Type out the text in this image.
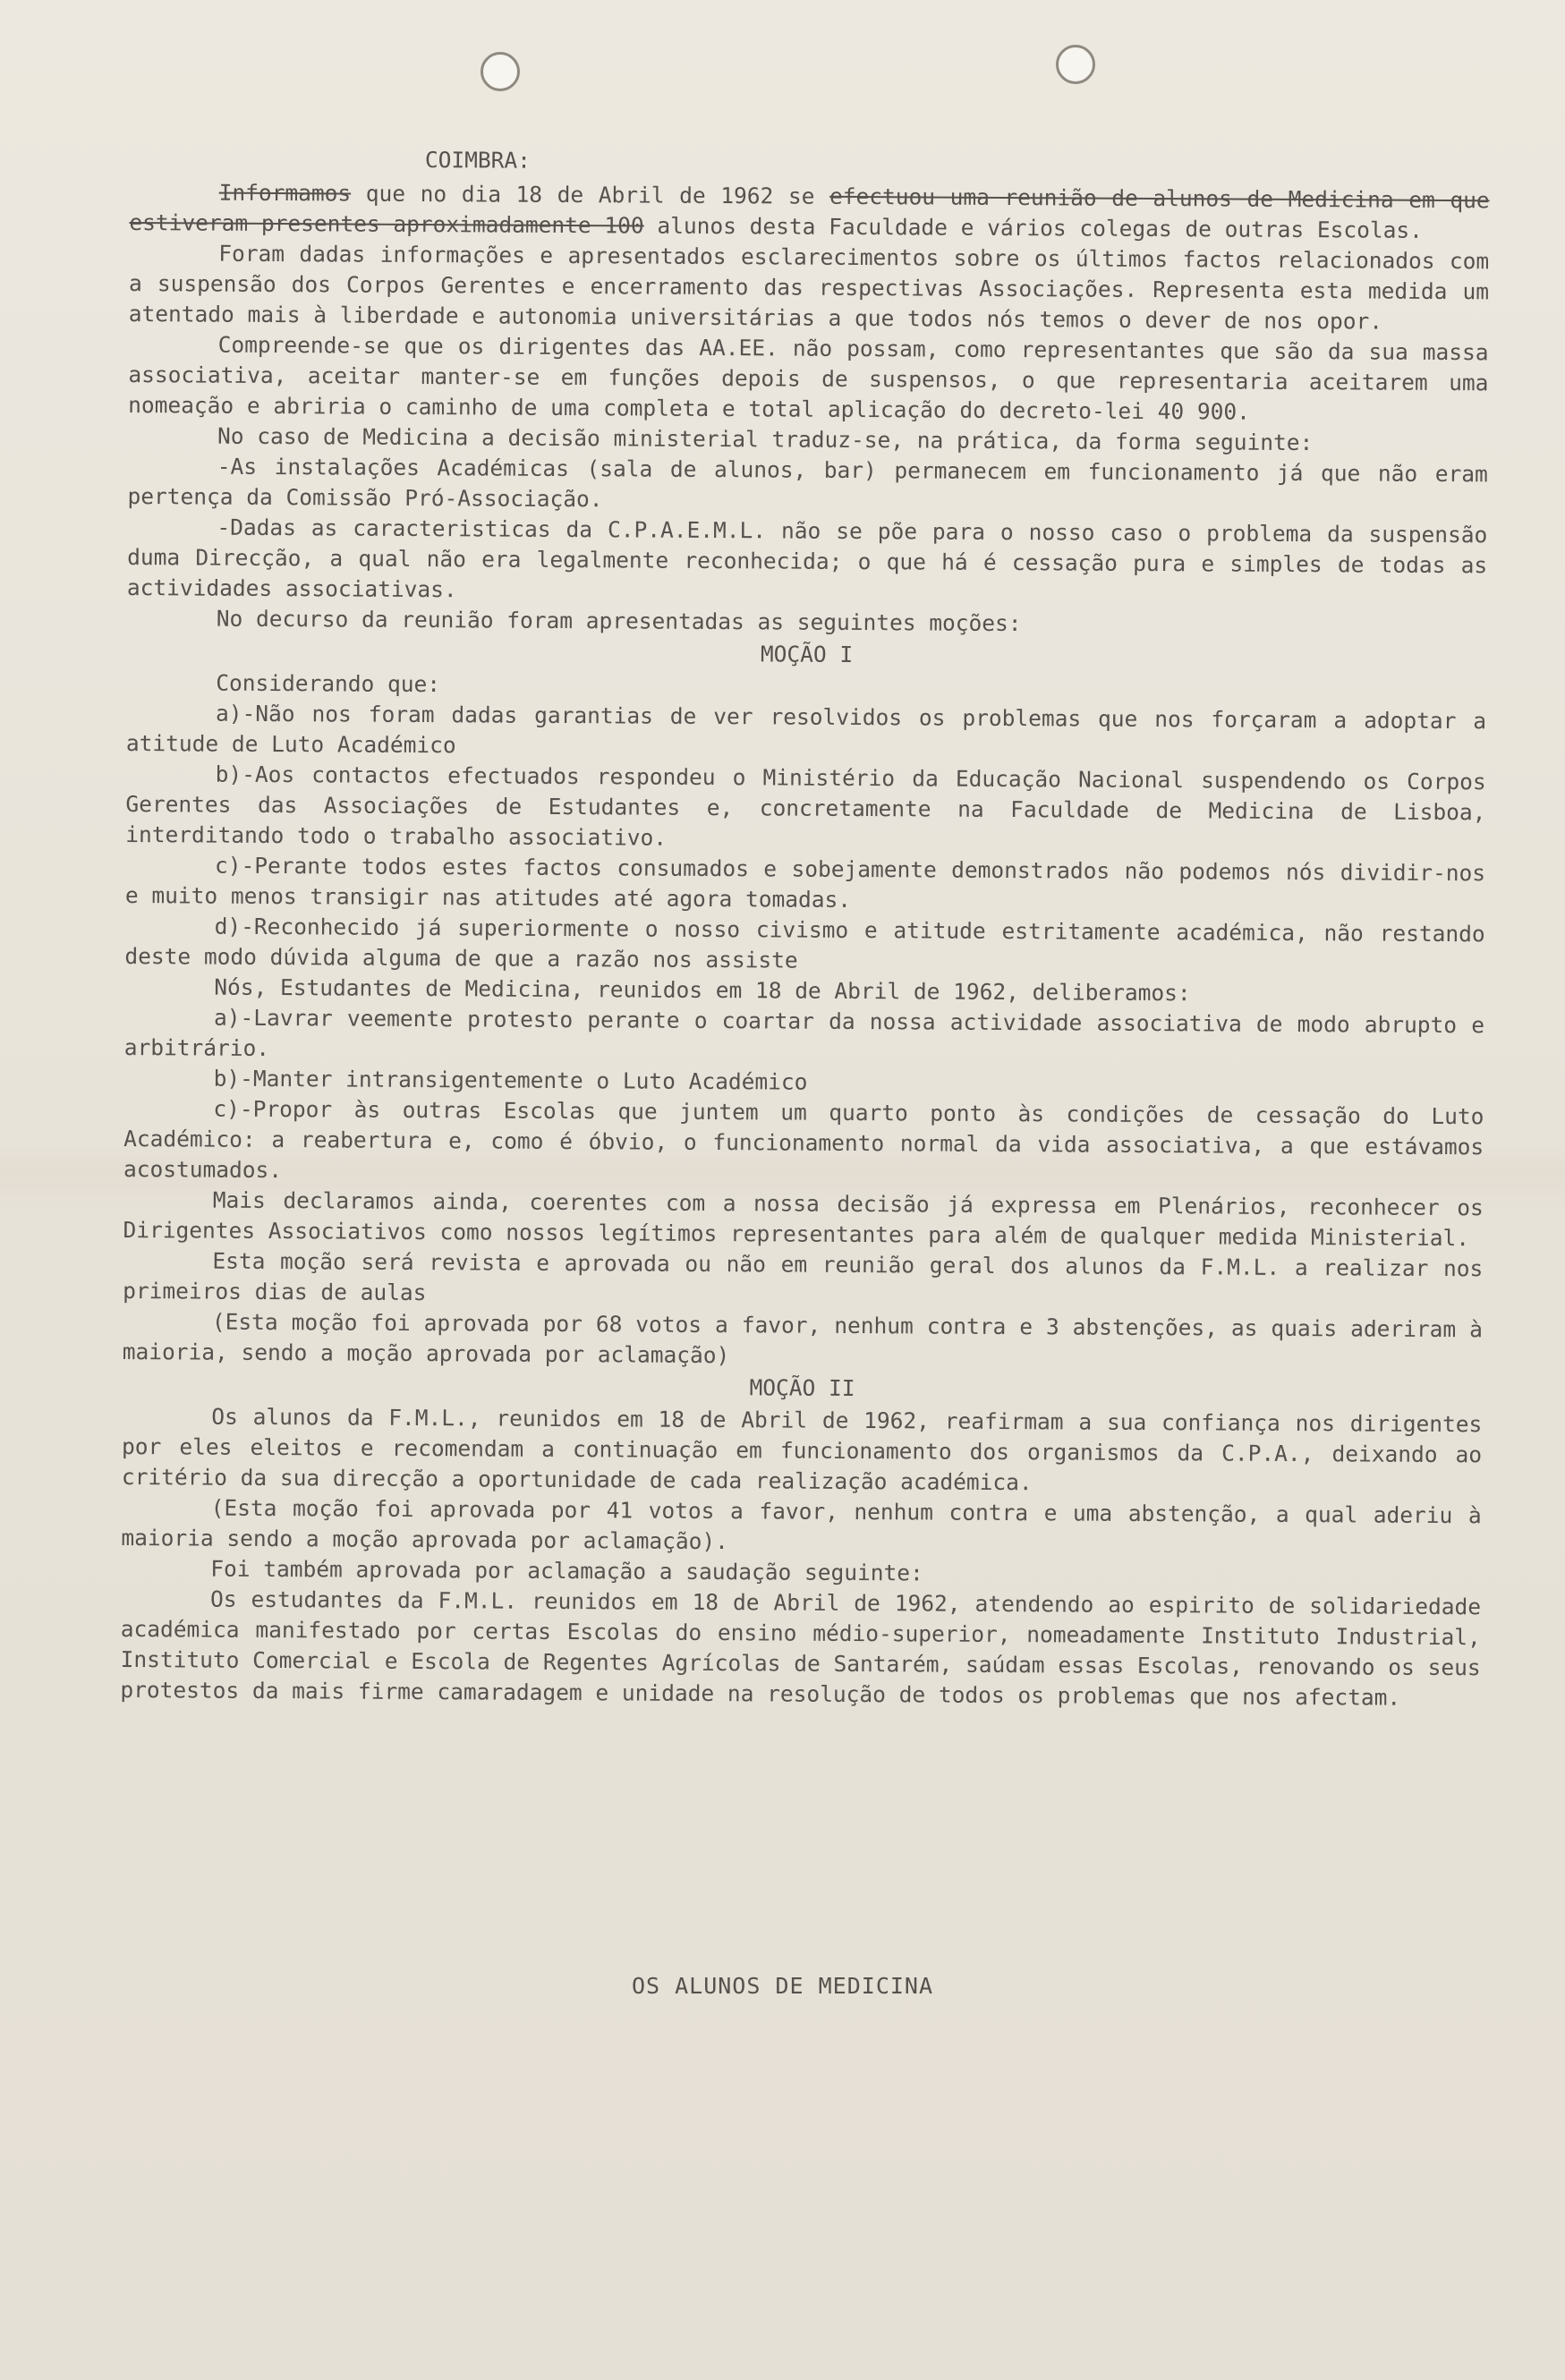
COIMBRA:

Informamos que no dia 18 de Abril de 1962 se efectuou uma reunião de alunos de Medicina em que estiveram presentes aproximadamente 100 alunos desta Faculdade e vários colegas de outras Escolas.

Foram dadas informações e apresentados esclarecimentos sobre os últimos factos relacionados com a suspensão dos Corpos Gerentes e encerramento das respectivas Associações. Representa esta medida um atentado mais à liberdade e autonomia universitárias a que todos nós temos o dever de nos opor.

Compreende-se que os dirigentes das AA.EE. não possam, como representantes que são da sua massa associativa, aceitar manter-se em funções depois de suspensos, o que representaria aceitarem uma nomeação e abriria o caminho de uma completa e total aplicação do decreto-lei 40 900.

No caso de Medicina a decisão ministerial traduz-se, na prática, da forma seguinte:

-As instalações Académicas (sala de alunos, bar) permanecem em funcionamento já que não eram pertença da Comissão Pró-Associação.

-Dadas as caracteristicas da C.P.A.E.M.L. não se põe para o nosso caso o problema da suspensão duma Direcção, a qual não era legalmente reconhecida; o que há é cessação pura e simples de todas as actividades associativas.

No decurso da reunião foram apresentadas as seguintes moções:

MOÇÃO I

Considerando que:

a)-Não nos foram dadas garantias de ver resolvidos os problemas que nos forçaram a adoptar a atitude de Luto Académico

b)-Aos contactos efectuados respondeu o Ministério da Educação Nacional suspendendo os Corpos Gerentes das Associações de Estudantes e, concretamente na Faculdade de Medicina de Lisboa, interditando todo o trabalho associativo.

c)-Perante todos estes factos consumados e sobejamente demonstrados não podemos nós dividir-nos e muito menos transigir nas atitudes até agora tomadas.

d)-Reconhecido já superiormente o nosso civismo e atitude estritamente académica, não restando deste modo dúvida alguma de que a razão nos assiste

Nós, Estudantes de Medicina, reunidos em 18 de Abril de 1962, deliberamos:

a)-Lavrar veemente protesto perante o coartar da nossa actividade associativa de modo abrupto e arbitrário.

b)-Manter intransigentemente o Luto Académico

c)-Propor às outras Escolas que juntem um quarto ponto às condições de cessação do Luto Académico: a reabertura e, como é óbvio, o funcionamento normal da vida associativa, a que estávamos acostumados.

Mais declaramos ainda, coerentes com a nossa decisão já expressa em Plenários, reconhecer os Dirigentes Associativos como nossos legítimos representantes para além de qualquer medida Ministerial.

Esta moção será revista e aprovada ou não em reunião geral dos alunos da F.M.L. a realizar nos primeiros dias de aulas

(Esta moção foi aprovada por 68 votos a favor, nenhum contra e 3 abstenções, as quais aderiram à maioria, sendo a moção aprovada por aclamação)

MOÇÃO II

Os alunos da F.M.L., reunidos em 18 de Abril de 1962, reafirmam a sua confiança nos dirigentes por eles eleitos e recomendam a continuação em funcionamento dos organismos da C.P.A., deixando ao critério da sua direcção a oportunidade de cada realização académica.

(Esta moção foi aprovada por 41 votos a favor, nenhum contra e uma abstenção, a qual aderiu à maioria sendo a moção aprovada por aclamação).

Foi também aprovada por aclamação a saudação seguinte:

Os estudantes da F.M.L. reunidos em 18 de Abril de 1962, atendendo ao espirito de solidariedade académica manifestado por certas Escolas do ensino médio-superior, nomeadamente Instituto Industrial, Instituto Comercial e Escola de Regentes Agrícolas de Santarém, saúdam essas Escolas, renovando os seus protestos da mais firme camaradagem e unidade na resolução de todos os problemas que nos afectam.

OS ALUNOS DE MEDICINA
